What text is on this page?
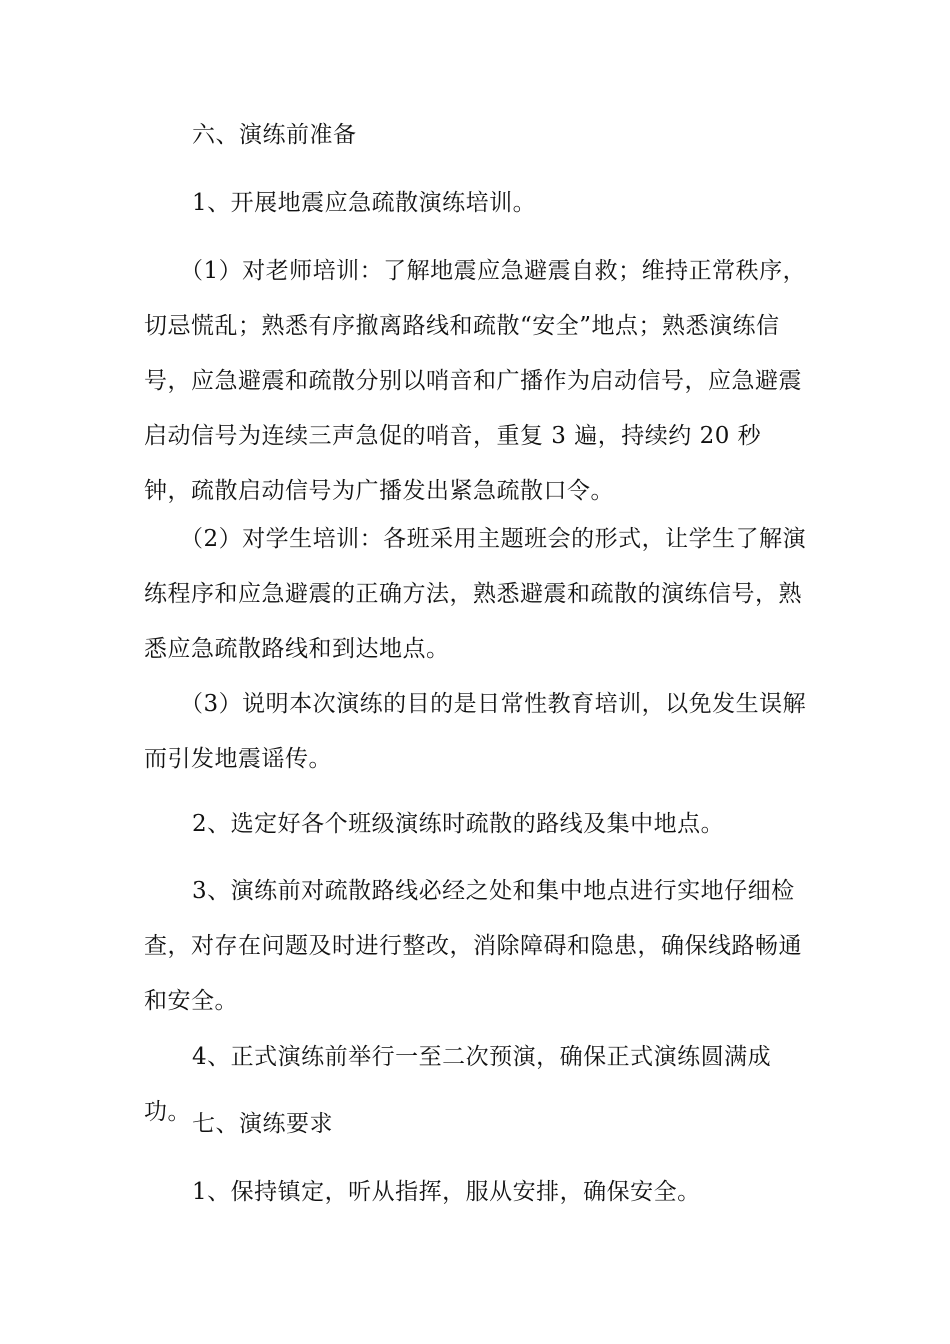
六、演练前准备

1、开展地震应急疏散演练培训。

（1）对老师培训：了解地震应急避震自救；维持正常秩序，切忌慌乱；熟悉有序撤离路线和疏散“安全”地点；熟悉演练信号，应急避震和疏散分别以哨音和广播作为启动信号，应急避震启动信号为连续三声急促的哨音，重复 3 遍，持续约 20 秒钟，疏散启动信号为广播发出紧急疏散口令。

（2）对学生培训：各班采用主题班会的形式，让学生了解演练程序和应急避震的正确方法，熟悉避震和疏散的演练信号，熟悉应急疏散路线和到达地点。

（3）说明本次演练的目的是日常性教育培训，以免发生误解而引发地震谣传。

2、选定好各个班级演练时疏散的路线及集中地点。

3、演练前对疏散路线必经之处和集中地点进行实地仔细检查，对存在问题及时进行整改，消除障碍和隐患，确保线路畅通和安全。

4、正式演练前举行一至二次预演，确保正式演练圆满成功。 七、演练要求

1、保持镇定，听从指挥，服从安排，确保安全。
